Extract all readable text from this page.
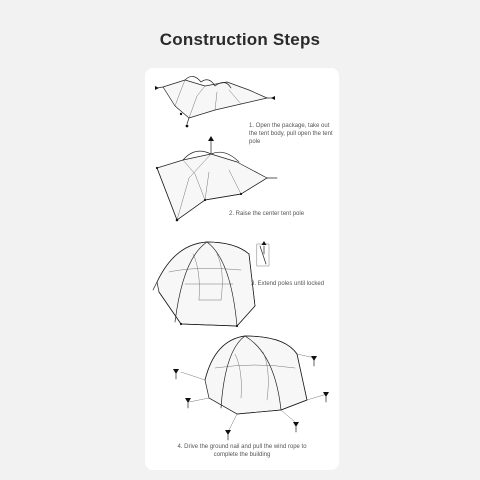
Construction Steps
1. Open the package, take out the tent body, pull open the tent pole
2. Raise the center tent pole
3. Extend poles until locked
4. Drive the ground nail and pull the wind rope to complete the building
